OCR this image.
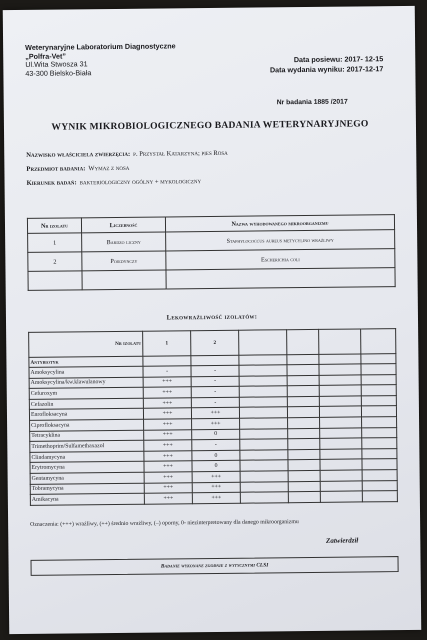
Weterynaryjne Laboratorium Diagnostyczne
„Polfra-Vet”
Ul.Wita Stwosza 31
43-300 Bielsko-Biała
Data posiewu: 2017- 12-15
Data wydania wyniku: 2017-12-17
Nr badania 1885 /2017
WYNIK MIKROBIOLOGICZNEGO BADANIA WETERYNARYJNEGO
Nazwisko właściciela zwierzęcia: p. Przystał Katarzyna; pies Rosa
Przedmiot badania: Wymaz z nosa
Kierunek badań: bakteriologiczny ogólny + mykologiczny
Nr izolatu	Liczebność	Nazwa wyhodowanego mikroorganizmu
1	Bardzo liczny	Staphylococcus aureus metycylino wrażliwy
2	Pojedynczy	Escherichia coli

Lekowrażliwość izolatów:
Nr izolatu	1	2				
Antybiotyk						
Amoksycylina	-	-				
Amoksycylina/kw.klawulanowy	+++	-				
Cefuroxym	+++	-				
Cefazolin	+++	-				
Enrofloksacyna	+++	+++				
Ciprofloksacyna	+++	+++				
Tetracyklina	+++	0				
Trimethoprim/Sulfamethaxazol	+++	-				
Clindamycyna	+++	0				
Erytromycyna	+++	0				
Gentamycyna	+++	+++				
Tobramycyna	+++	+++				
Amikacyna	+++	+++				
Oznaczenia: (+++) wrażliwy, (++) średnio wrażliwy, (–) oporny, 0- niezinterpretowany dla danego mikroorganizmu
Zatwierdził
Badanie wykonane zgodnie z wytycznymi CLSI
